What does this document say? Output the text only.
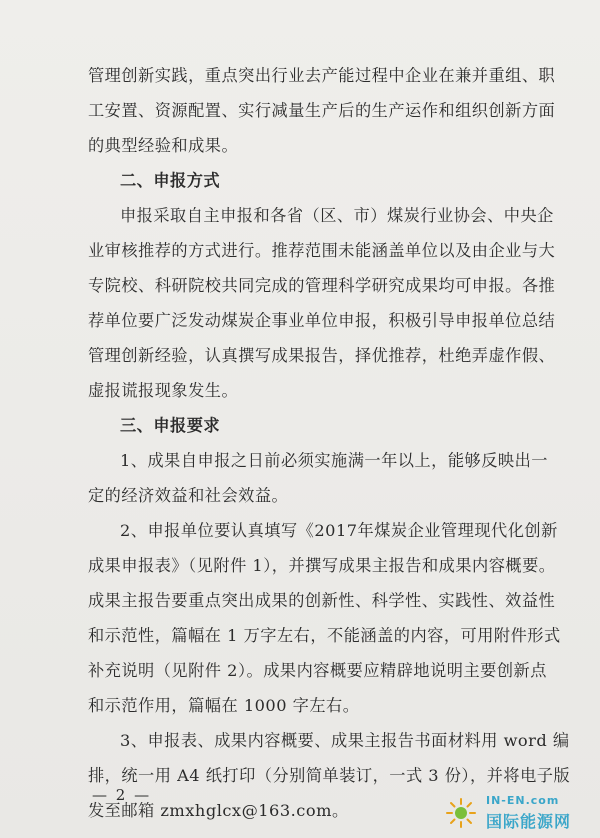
管理创新实践，重点突出行业去产能过程中企业在兼并重组、职
工安置、资源配置、实行减量生产后的生产运作和组织创新方面
的典型经验和成果。
二、申报方式
申报采取自主申报和各省（区、市）煤炭行业协会、中央企
业审核推荐的方式进行。推荐范围未能涵盖单位以及由企业与大
专院校、科研院校共同完成的管理科学研究成果均可申报。各推
荐单位要广泛发动煤炭企事业单位申报，积极引导申报单位总结
管理创新经验，认真撰写成果报告，择优推荐，杜绝弄虚作假、
虚报谎报现象发生。
三、申报要求
1、成果自申报之日前必须实施满一年以上，能够反映出一
定的经济效益和社会效益。
2、申报单位要认真填写《2017年煤炭企业管理现代化创新
成果申报表》（见附件 1），并撰写成果主报告和成果内容概要。
成果主报告要重点突出成果的创新性、科学性、实践性、效益性
和示范性，篇幅在 1 万字左右，不能涵盖的内容，可用附件形式
补充说明（见附件 2）。成果内容概要应精辟地说明主要创新点
和示范作用，篇幅在 1000 字左右。
3、申报表、成果内容概要、成果主报告书面材料用 word 编
排，统一用 A4 纸打印（分别简单装订，一式 3 份），并将电子版
发至邮箱 zmxhglcx@163.com。
— 2 —	IN-EN.com
国际能源网
